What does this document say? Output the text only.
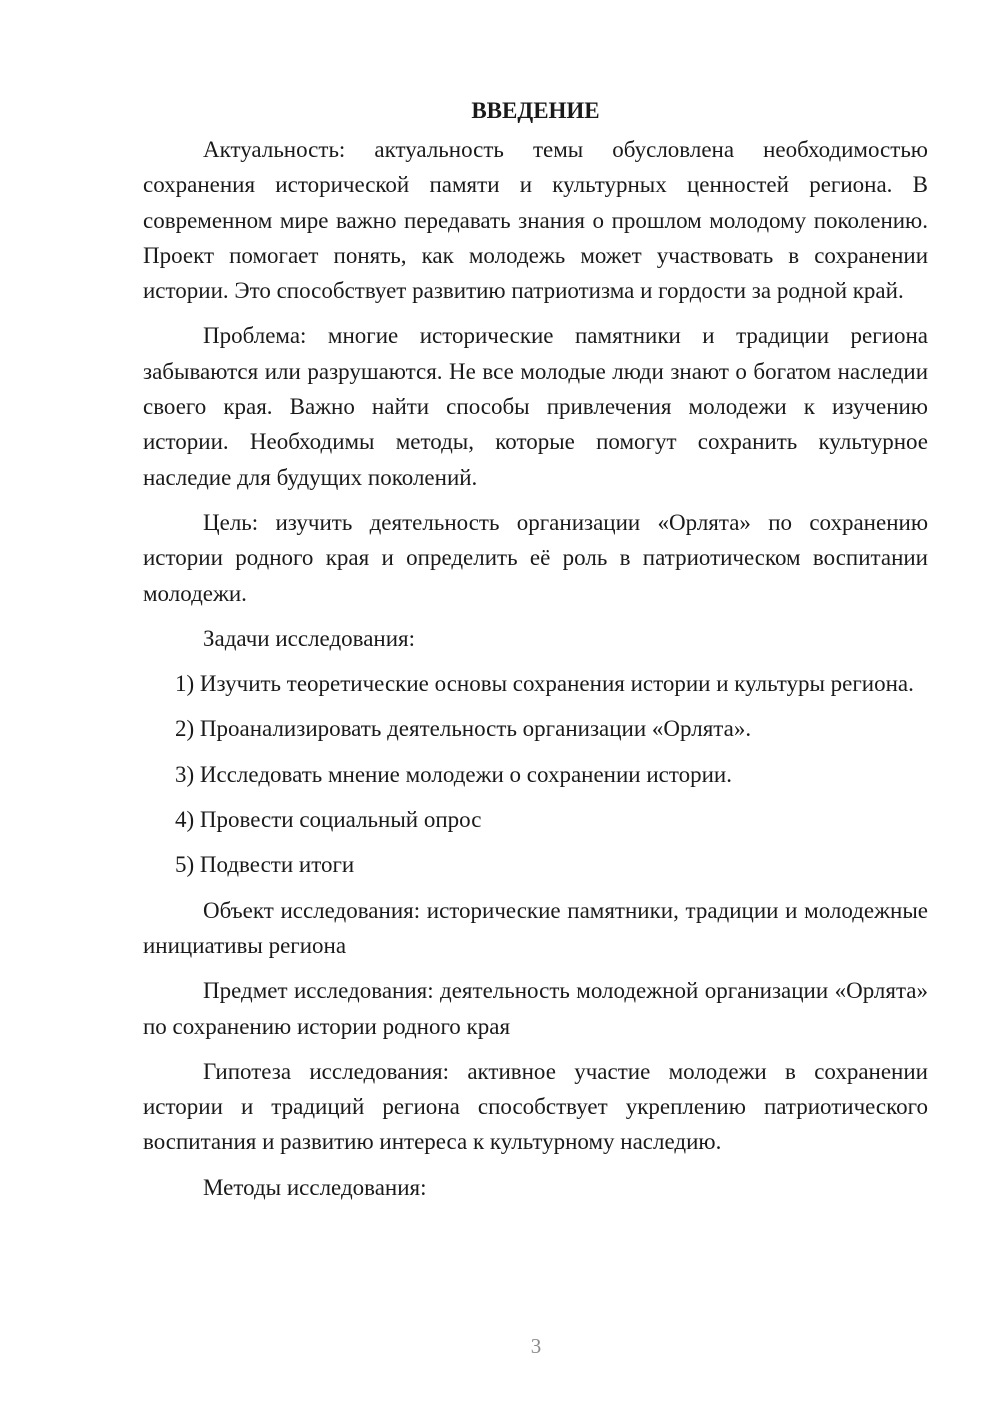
ВВЕДЕНИЕ

Актуальность: актуальность темы обусловлена необходимостью сохранения исторической памяти и культурных ценностей региона. В современном мире важно передавать знания о прошлом молодому поколению. Проект помогает понять, как молодежь может участвовать в сохранении истории. Это способствует развитию патриотизма и гордости за родной край.

Проблема: многие исторические памятники и традиции региона забываются или разрушаются. Не все молодые люди знают о богатом наследии своего края. Важно найти способы привлечения молодежи к изучению истории. Необходимы методы, которые помогут сохранить культурное наследие для будущих поколений.

Цель: изучить деятельность организации «Орлята» по сохранению истории родного края и определить её роль в патриотическом воспитании молодежи.

Задачи исследования:

1) Изучить теоретические основы сохранения истории и культуры региона.
2) Проанализировать деятельность организации «Орлята».
3) Исследовать мнение молодежи о сохранении истории.
4) Провести социальный опрос
5) Подвести итоги

Объект исследования: исторические памятники, традиции и молодежные инициативы региона

Предмет исследования: деятельность молодежной организации «Орлята» по сохранению истории родного края

Гипотеза исследования: активное участие молодежи в сохранении истории и традиций региона способствует укреплению патриотического воспитания и развитию интереса к культурному наследию.

Методы исследования:

3
